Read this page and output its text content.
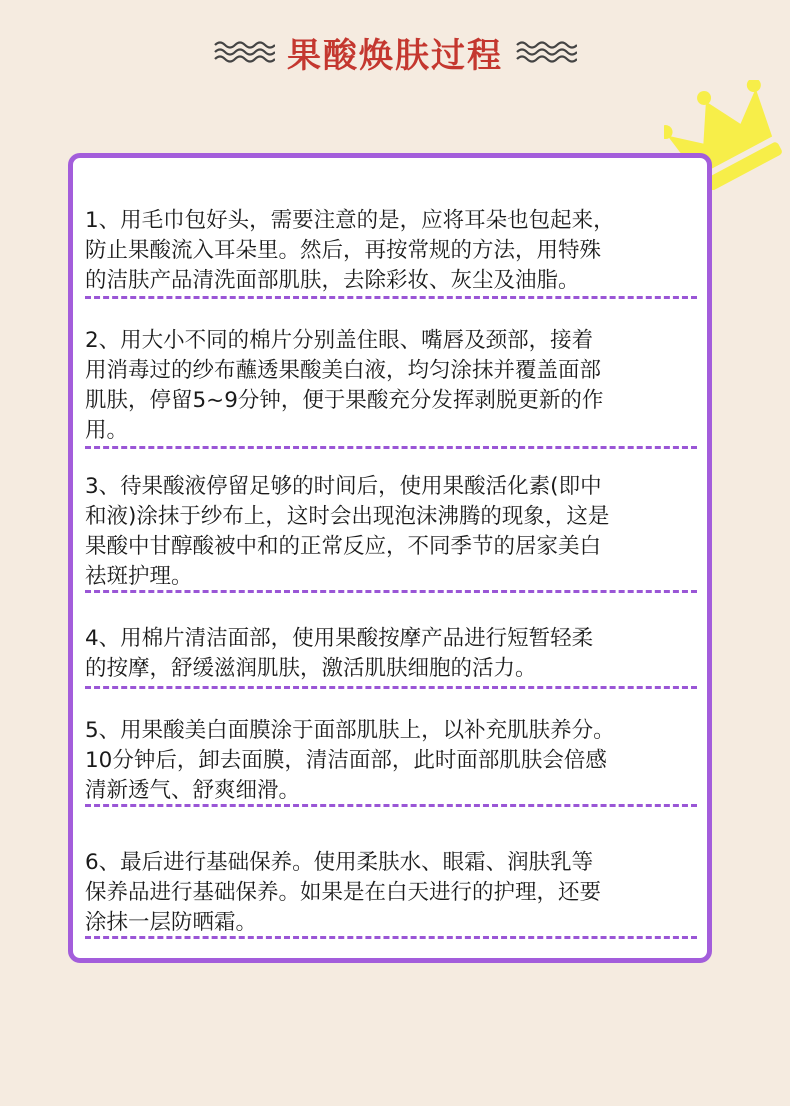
果酸焕肤过程
1、用毛巾包好头，需要注意的是，应将耳朵也包起来，
防止果酸流入耳朵里。然后，再按常规的方法，用特殊
的洁肤产品清洗面部肌肤，去除彩妆、灰尘及油脂。
2、用大小不同的棉片分别盖住眼、嘴唇及颈部，接着
用消毒过的纱布蘸透果酸美白液，均匀涂抹并覆盖面部
肌肤，停留5~9分钟，便于果酸充分发挥剥脱更新的作
用。
3、待果酸液停留足够的时间后，使用果酸活化素(即中
和液)涂抹于纱布上，这时会出现泡沫沸腾的现象，这是
果酸中甘醇酸被中和的正常反应，不同季节的居家美白
祛斑护理。
4、用棉片清洁面部，使用果酸按摩产品进行短暂轻柔
的按摩，舒缓滋润肌肤，激活肌肤细胞的活力。
5、用果酸美白面膜涂于面部肌肤上，以补充肌肤养分。
10分钟后，卸去面膜，清洁面部，此时面部肌肤会倍感
清新透气、舒爽细滑。
6、最后进行基础保养。使用柔肤水、眼霜、润肤乳等
保养品进行基础保养。如果是在白天进行的护理，还要
涂抹一层防晒霜。
